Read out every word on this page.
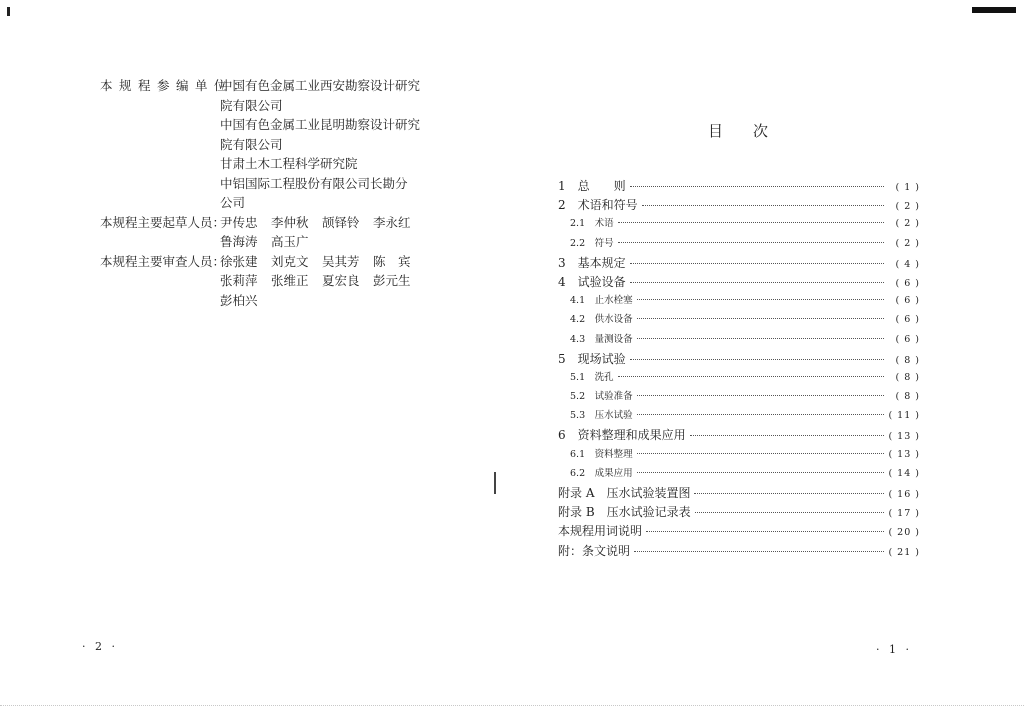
本规程参编单位：
中国有色金属工业西安勘察设计研究
院有限公司
中国有色金属工业昆明勘察设计研究
院有限公司
甘肃土木工程科学研究院
中铝国际工程股份有限公司长勘分
公司
本规程主要起草人员：
尹传忠	李仲秋	颉铎铃	李永红
鲁海涛	高玉广
本规程主要审查人员：
徐张建	刘克文	吴其芳	陈　宾
张莉萍	张维正	夏宏良	彭元生
彭柏兴
· 2 ·
目次
1　总　　则	( 1 )
2　术语和符号	( 2 )
2.1　术语	( 2 )
2.2　符号	( 2 )
3　基本规定	( 4 )
4　试验设备	( 6 )
4.1　止水栓塞	( 6 )
4.2　供水设备	( 6 )
4.3　量测设备	( 6 )
5　现场试验	( 8 )
5.1　洗孔	( 8 )
5.2　试验准备	( 8 )
5.3　压水试验	( 11 )
6　资料整理和成果应用	( 13 )
6.1　资料整理	( 13 )
6.2　成果应用	( 14 )
附录 A　压水试验装置图	( 16 )
附录 B　压水试验记录表	( 17 )
本规程用词说明	( 20 )
附：条文说明	( 21 )
· 1 ·
